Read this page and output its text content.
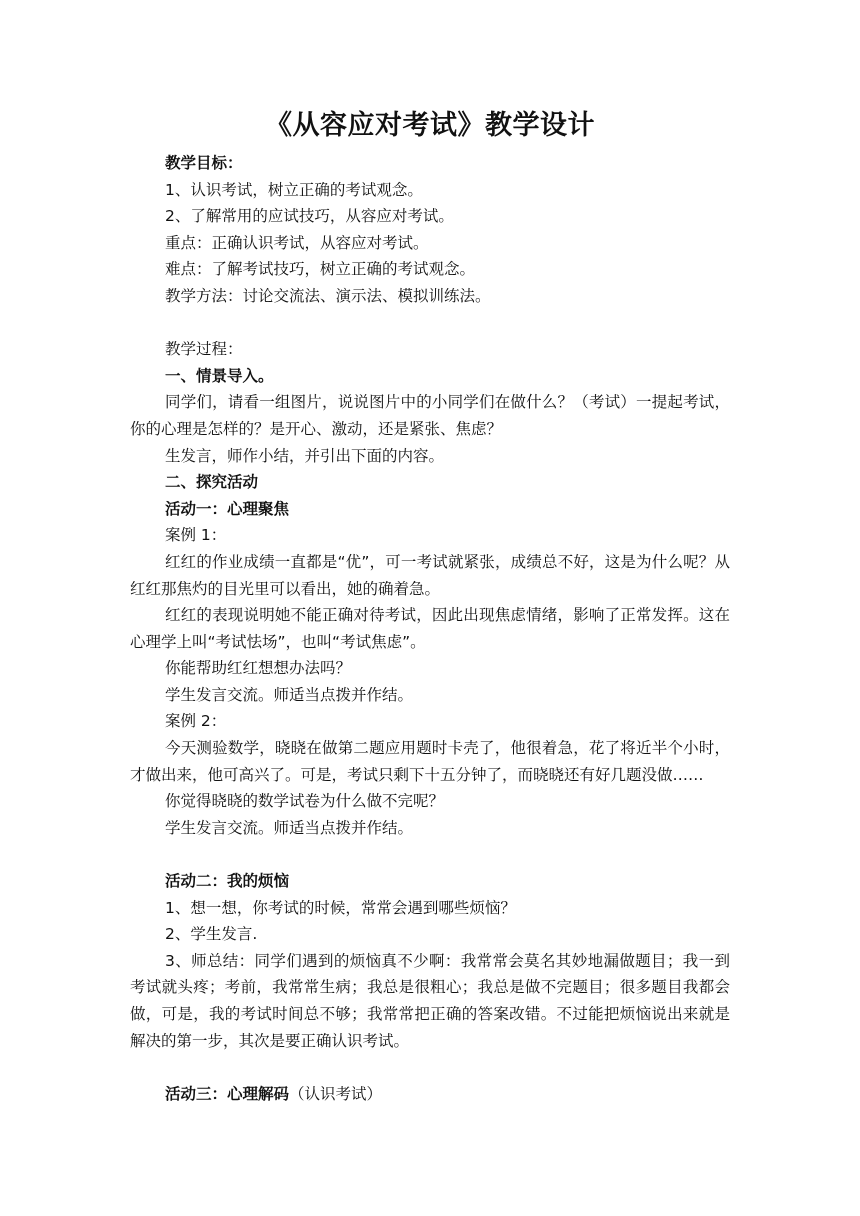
《从容应对考试》教学设计

教学目标：

1、认识考试，树立正确的考试观念。

2、了解常用的应试技巧，从容应对考试。

重点：正确认识考试，从容应对考试。

难点：了解考试技巧，树立正确的考试观念。

教学方法：讨论交流法、演示法、模拟训练法。

教学过程：

一、情景导入。

同学们，请看一组图片，说说图片中的小同学们在做什么？（考试）一提起考试，你的心理是怎样的？是开心、激动，还是紧张、焦虑？

生发言，师作小结，并引出下面的内容。

二、探究活动

活动一：心理聚焦

案例 1：

红红的作业成绩一直都是“优”，可一考试就紧张，成绩总不好，这是为什么呢？从红红那焦灼的目光里可以看出，她的确着急。

红红的表现说明她不能正确对待考试，因此出现焦虑情绪，影响了正常发挥。这在心理学上叫“考试怯场”，也叫“考试焦虑”。

你能帮助红红想想办法吗？

学生发言交流。师适当点拨并作结。

案例 2：

今天测验数学，晓晓在做第二题应用题时卡壳了，他很着急，花了将近半个小时，才做出来，他可高兴了。可是，考试只剩下十五分钟了，而晓晓还有好几题没做……

你觉得晓晓的数学试卷为什么做不完呢？

学生发言交流。师适当点拨并作结。

活动二：我的烦恼

1、想一想，你考试的时候，常常会遇到哪些烦恼？

2、学生发言.

3、师总结：同学们遇到的烦恼真不少啊：我常常会莫名其妙地漏做题目；我一到考试就头疼；考前，我常常生病；我总是很粗心；我总是做不完题目；很多题目我都会做，可是，我的考试时间总不够；我常常把正确的答案改错。不过能把烦恼说出来就是解决的第一步，其次是要正确认识考试。

活动三：心理解码（认识考试）
